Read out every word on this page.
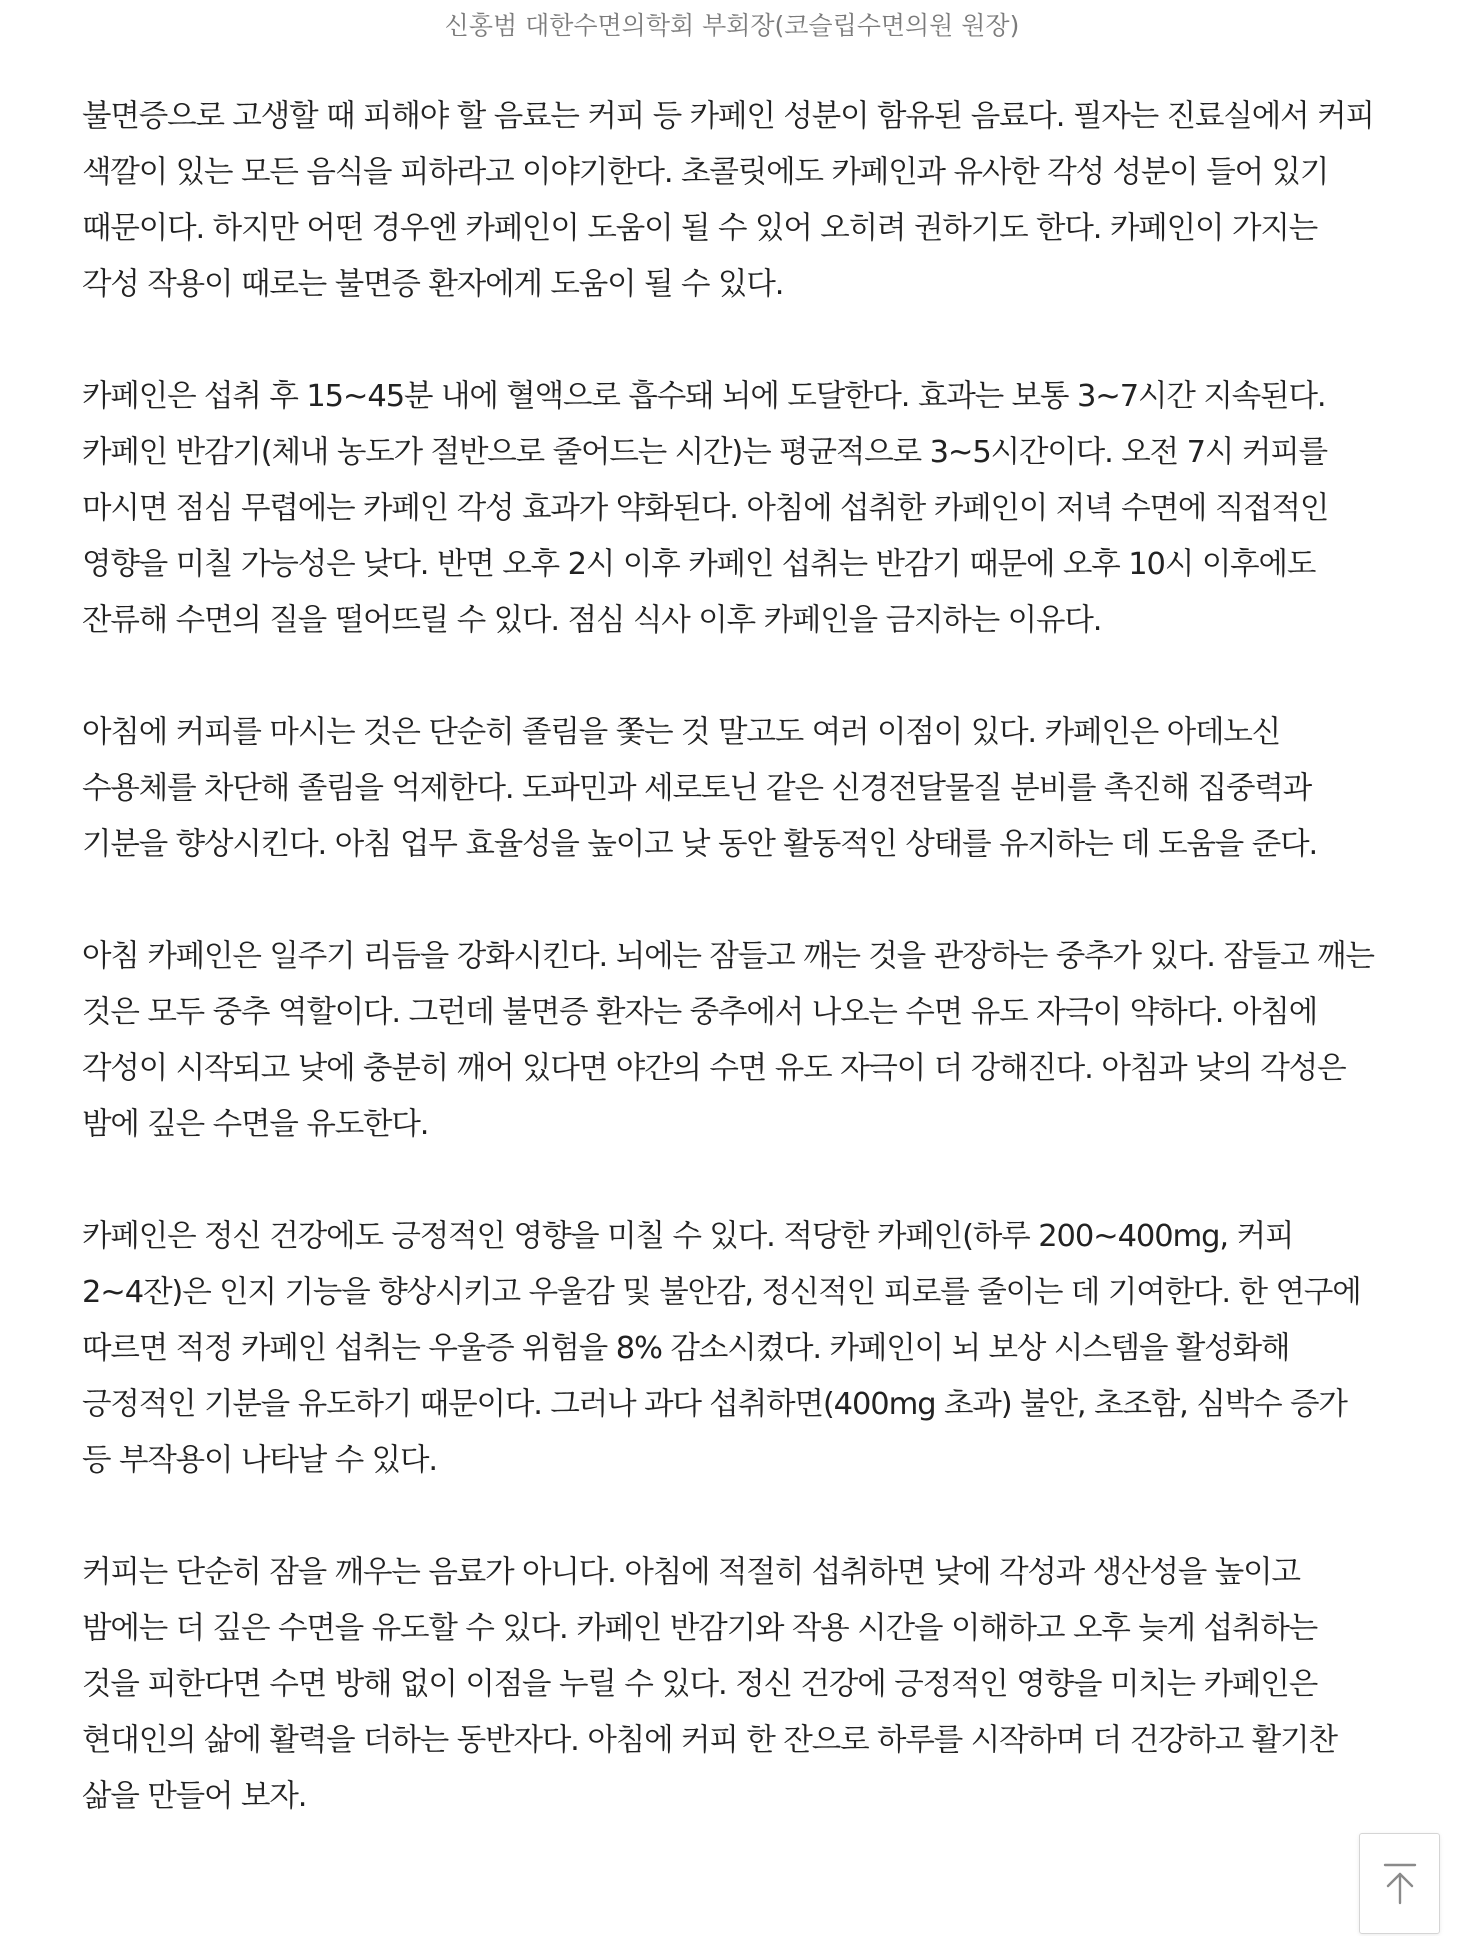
신홍범 대한수면의학회 부회장(코슬립수면의원 원장)

불면증으로 고생할 때 피해야 할 음료는 커피 등 카페인 성분이 함유된 음료다. 필자는 진료실에서 커피 색깔이 있는 모든 음식을 피하라고 이야기한다. 초콜릿에도 카페인과 유사한 각성 성분이 들어 있기 때문이다. 하지만 어떤 경우엔 카페인이 도움이 될 수 있어 오히려 권하기도 한다. 카페인이 가지는 각성 작용이 때로는 불면증 환자에게 도움이 될 수 있다.

카페인은 섭취 후 15~45분 내에 혈액으로 흡수돼 뇌에 도달한다. 효과는 보통 3~7시간 지속된다. 카페인 반감기(체내 농도가 절반으로 줄어드는 시간)는 평균적으로 3~5시간이다. 오전 7시 커피를 마시면 점심 무렵에는 카페인 각성 효과가 약화된다. 아침에 섭취한 카페인이 저녁 수면에 직접적인 영향을 미칠 가능성은 낮다. 반면 오후 2시 이후 카페인 섭취는 반감기 때문에 오후 10시 이후에도 잔류해 수면의 질을 떨어뜨릴 수 있다. 점심 식사 이후 카페인을 금지하는 이유다.

아침에 커피를 마시는 것은 단순히 졸림을 쫓는 것 말고도 여러 이점이 있다. 카페인은 아데노신 수용체를 차단해 졸림을 억제한다. 도파민과 세로토닌 같은 신경전달물질 분비를 촉진해 집중력과 기분을 향상시킨다. 아침 업무 효율성을 높이고 낮 동안 활동적인 상태를 유지하는 데 도움을 준다.

아침 카페인은 일주기 리듬을 강화시킨다. 뇌에는 잠들고 깨는 것을 관장하는 중추가 있다. 잠들고 깨는 것은 모두 중추 역할이다. 그런데 불면증 환자는 중추에서 나오는 수면 유도 자극이 약하다. 아침에 각성이 시작되고 낮에 충분히 깨어 있다면 야간의 수면 유도 자극이 더 강해진다. 아침과 낮의 각성은 밤에 깊은 수면을 유도한다.

카페인은 정신 건강에도 긍정적인 영향을 미칠 수 있다. 적당한 카페인(하루 200~400mg, 커피 2~4잔)은 인지 기능을 향상시키고 우울감 및 불안감, 정신적인 피로를 줄이는 데 기여한다. 한 연구에 따르면 적정 카페인 섭취는 우울증 위험을 8% 감소시켰다. 카페인이 뇌 보상 시스템을 활성화해 긍정적인 기분을 유도하기 때문이다. 그러나 과다 섭취하면(400mg 초과) 불안, 초조함, 심박수 증가 등 부작용이 나타날 수 있다.

커피는 단순히 잠을 깨우는 음료가 아니다. 아침에 적절히 섭취하면 낮에 각성과 생산성을 높이고 밤에는 더 깊은 수면을 유도할 수 있다. 카페인 반감기와 작용 시간을 이해하고 오후 늦게 섭취하는 것을 피한다면 수면 방해 없이 이점을 누릴 수 있다. 정신 건강에 긍정적인 영향을 미치는 카페인은 현대인의 삶에 활력을 더하는 동반자다. 아침에 커피 한 잔으로 하루를 시작하며 더 건강하고 활기찬 삶을 만들어 보자.
